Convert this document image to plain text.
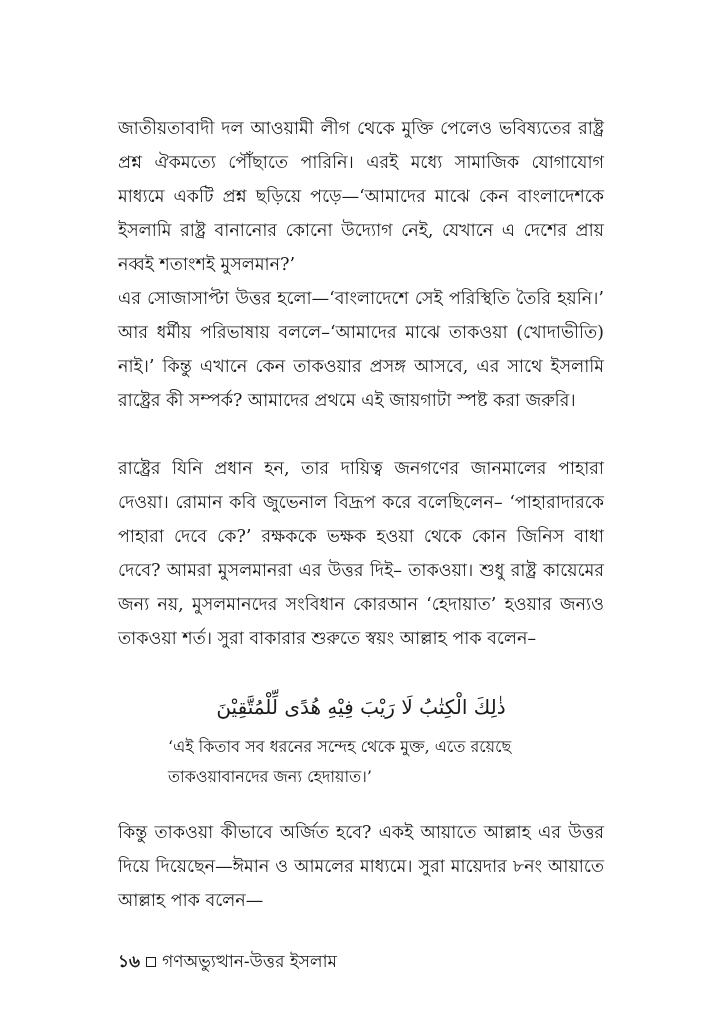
জাতীয়তাবাদী দল আওয়ামী লীগ থেকে মুক্তি পেলেও ভবিষ্যতের রাষ্ট্র প্রশ্ন ঐকমত্যে পৌঁছাতে পারিনি। এরই মধ্যে সামাজিক যোগাযোগ মাধ্যমে একটি প্রশ্ন ছড়িয়ে পড়ে—‘আমাদের মাঝে কেন বাংলাদেশকে ইসলামি রাষ্ট্র বানানোর কোনো উদ্যোগ নেই, যেখানে এ দেশের প্রায় নব্বই শতাংশই মুসলমান?’

এর সোজাসাপ্টা উত্তর হলো—‘বাংলাদেশে সেই পরিস্থিতি তৈরি হয়নি।’ আর ধর্মীয় পরিভাষায় বললে–‘আমাদের মাঝে তাকওয়া (খোদাভীতি) নাই।’ কিন্তু এখানে কেন তাকওয়ার প্রসঙ্গ আসবে, এর সাথে ইসলামি রাষ্ট্রের কী সম্পর্ক? আমাদের প্রথমে এই জায়গাটা স্পষ্ট করা জরুরি।

রাষ্ট্রের যিনি প্রধান হন, তার দায়িত্ব জনগণের জানমালের পাহারা দেওয়া। রোমান কবি জুভেনাল বিদ্রূপ করে বলেছিলেন– ‘পাহারাদারকে পাহারা দেবে কে?’ রক্ষককে ভক্ষক হওয়া থেকে কোন জিনিস বাধা দেবে? আমরা মুসলমানরা এর উত্তর দিই– তাকওয়া। শুধু রাষ্ট্র কায়েমের জন্য নয়, মুসলমানদের সংবিধান কোরআন ‘হেদায়াত’ হওয়ার জন্যও তাকওয়া শর্ত। সুরা বাকারার শুরুতে স্বয়ং আল্লাহ পাক বলেন–

ذٰلِكَ الْكِتٰبُ لَا رَيْبَ فِيْهِ هُدًى لِّلْمُتَّقِيْنَ

‘এই কিতাব সব ধরনের সন্দেহ থেকে মুক্ত, এতে রয়েছে
তাকওয়াবানদের জন্য হেদায়াত।’

কিন্তু তাকওয়া কীভাবে অর্জিত হবে? একই আয়াতে আল্লাহ এর উত্তর দিয়ে দিয়েছেন—ঈমান ও আমলের মাধ্যমে। সুরা মায়েদার ৮নং আয়াতে আল্লাহ পাক বলেন—

১৬ গণঅভ্যুত্থান-উত্তর ইসলাম
